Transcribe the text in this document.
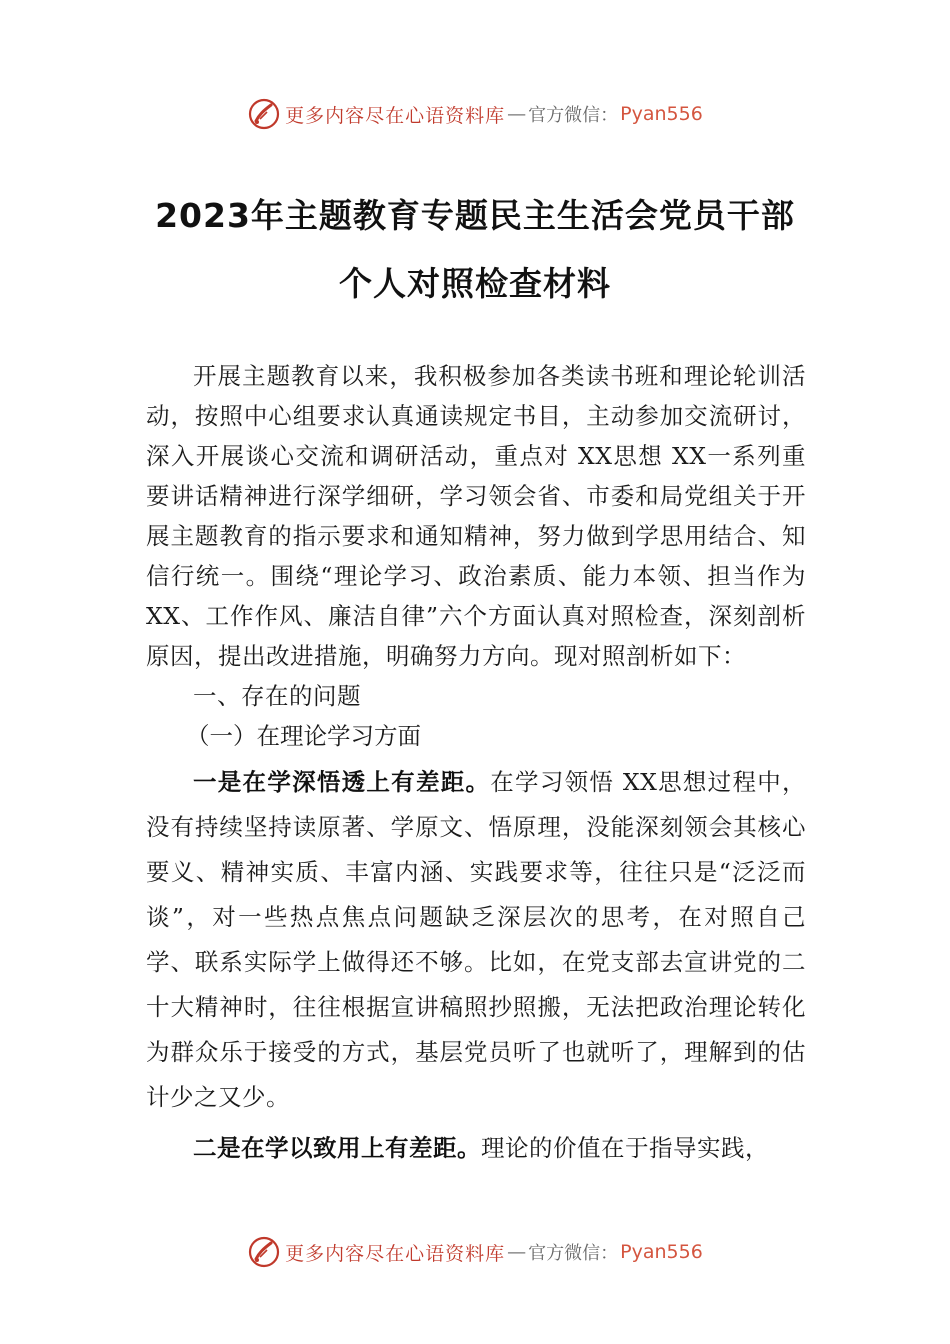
更多内容尽在心语资料库 — 官方微信： Pyan556
2023年主题教育专题民主生活会党员干部
个人对照检查材料

开展主题教育以来，我积极参加各类读书班和理论轮训活动，按照中心组要求认真通读规定书目，主动参加交流研讨，深入开展谈心交流和调研活动，重点对 XX思想 XX一系列重要讲话精神进行深学细研，学习领会省、市委和局党组关于开展主题教育的指示要求和通知精神，努力做到学思用结合、知信行统一。围绕“理论学习、政治素质、能力本领、担当作为 XX、工作作风、廉洁自律”六个方面认真对照检查，深刻剖析原因，提出改进措施，明确努力方向。现对照剖析如下：

一、存在的问题

（一）在理论学习方面

一是在学深悟透上有差距。在学习领悟 XX思想过程中，没有持续坚持读原著、学原文、悟原理，没能深刻领会其核心要义、精神实质、丰富内涵、实践要求等，往往只是“泛泛而谈”，对一些热点焦点问题缺乏深层次的思考，在对照自己学、联系实际学上做得还不够。比如，在党支部去宣讲党的二十大精神时，往往根据宣讲稿照抄照搬，无法把政治理论转化为群众乐于接受的方式，基层党员听了也就听了，理解到的估计少之又少。

二是在学以致用上有差距。理论的价值在于指导实践，

更多内容尽在心语资料库 — 官方微信： Pyan556
